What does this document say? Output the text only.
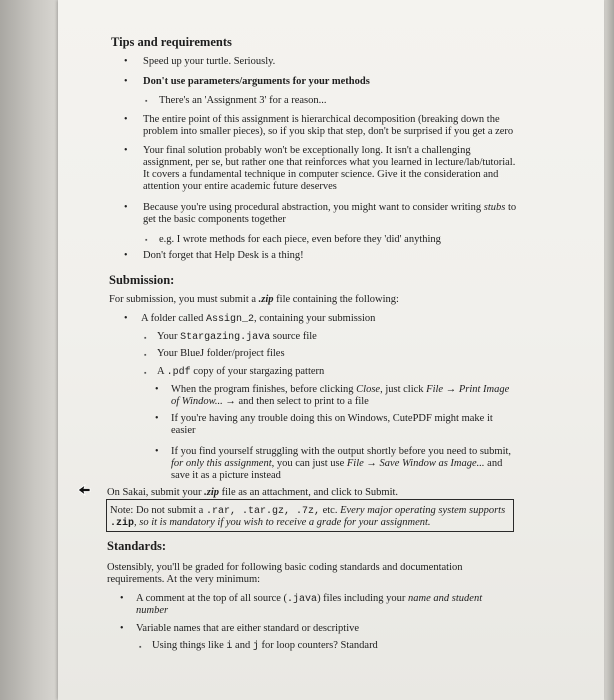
Tips and requirements
• Speed up your turtle. Seriously.
• Don't use parameters/arguments for your methods
▪ There's an 'Assignment 3' for a reason...
• The entire point of this assignment is hierarchical decomposition (breaking down the
problem into smaller pieces), so if you skip that step, don't be surprised if you get a zero
• Your final solution probably won't be exceptionally long. It isn't a challenging
assignment, per se, but rather one that reinforces what you learned in lecture/lab/tutorial.
It covers a fundamental technique in computer science. Give it the consideration and
attention your entire academic future deserves
• Because you're using procedural abstraction, you might want to consider writing stubs to
get the basic components together
▪ e.g. I wrote methods for each piece, even before they 'did' anything
• Don't forget that Help Desk is a thing!
Submission:
For submission, you must submit a .zip file containing the following:
• A folder called Assign_2, containing your submission
▪ Your Stargazing.java source file
▪ Your BlueJ folder/project files
▪ A .pdf copy of your stargazing pattern
• When the program finishes, before clicking Close, just click File → Print Image
of Window... → and then select to print to a file
• If you're having any trouble doing this on Windows, CutePDF might make it
easier
• If you find yourself struggling with the output shortly before you need to submit,
for only this assignment, you can just use File → Save Window as Image... and
save it as a picture instead
On Sakai, submit your .zip file as an attachment, and click to Submit.
Note: Do not submit a .rar, .tar.gz, .7z, etc. Every major operating system supports
.zip, so it is mandatory if you wish to receive a grade for your assignment.
Standards:
Ostensibly, you'll be graded for following basic coding standards and documentation
requirements. At the very minimum:
• A comment at the top of all source (.java) files including your name and student
number
• Variable names that are either standard or descriptive
▪ Using things like i and j for loop counters? Standard
